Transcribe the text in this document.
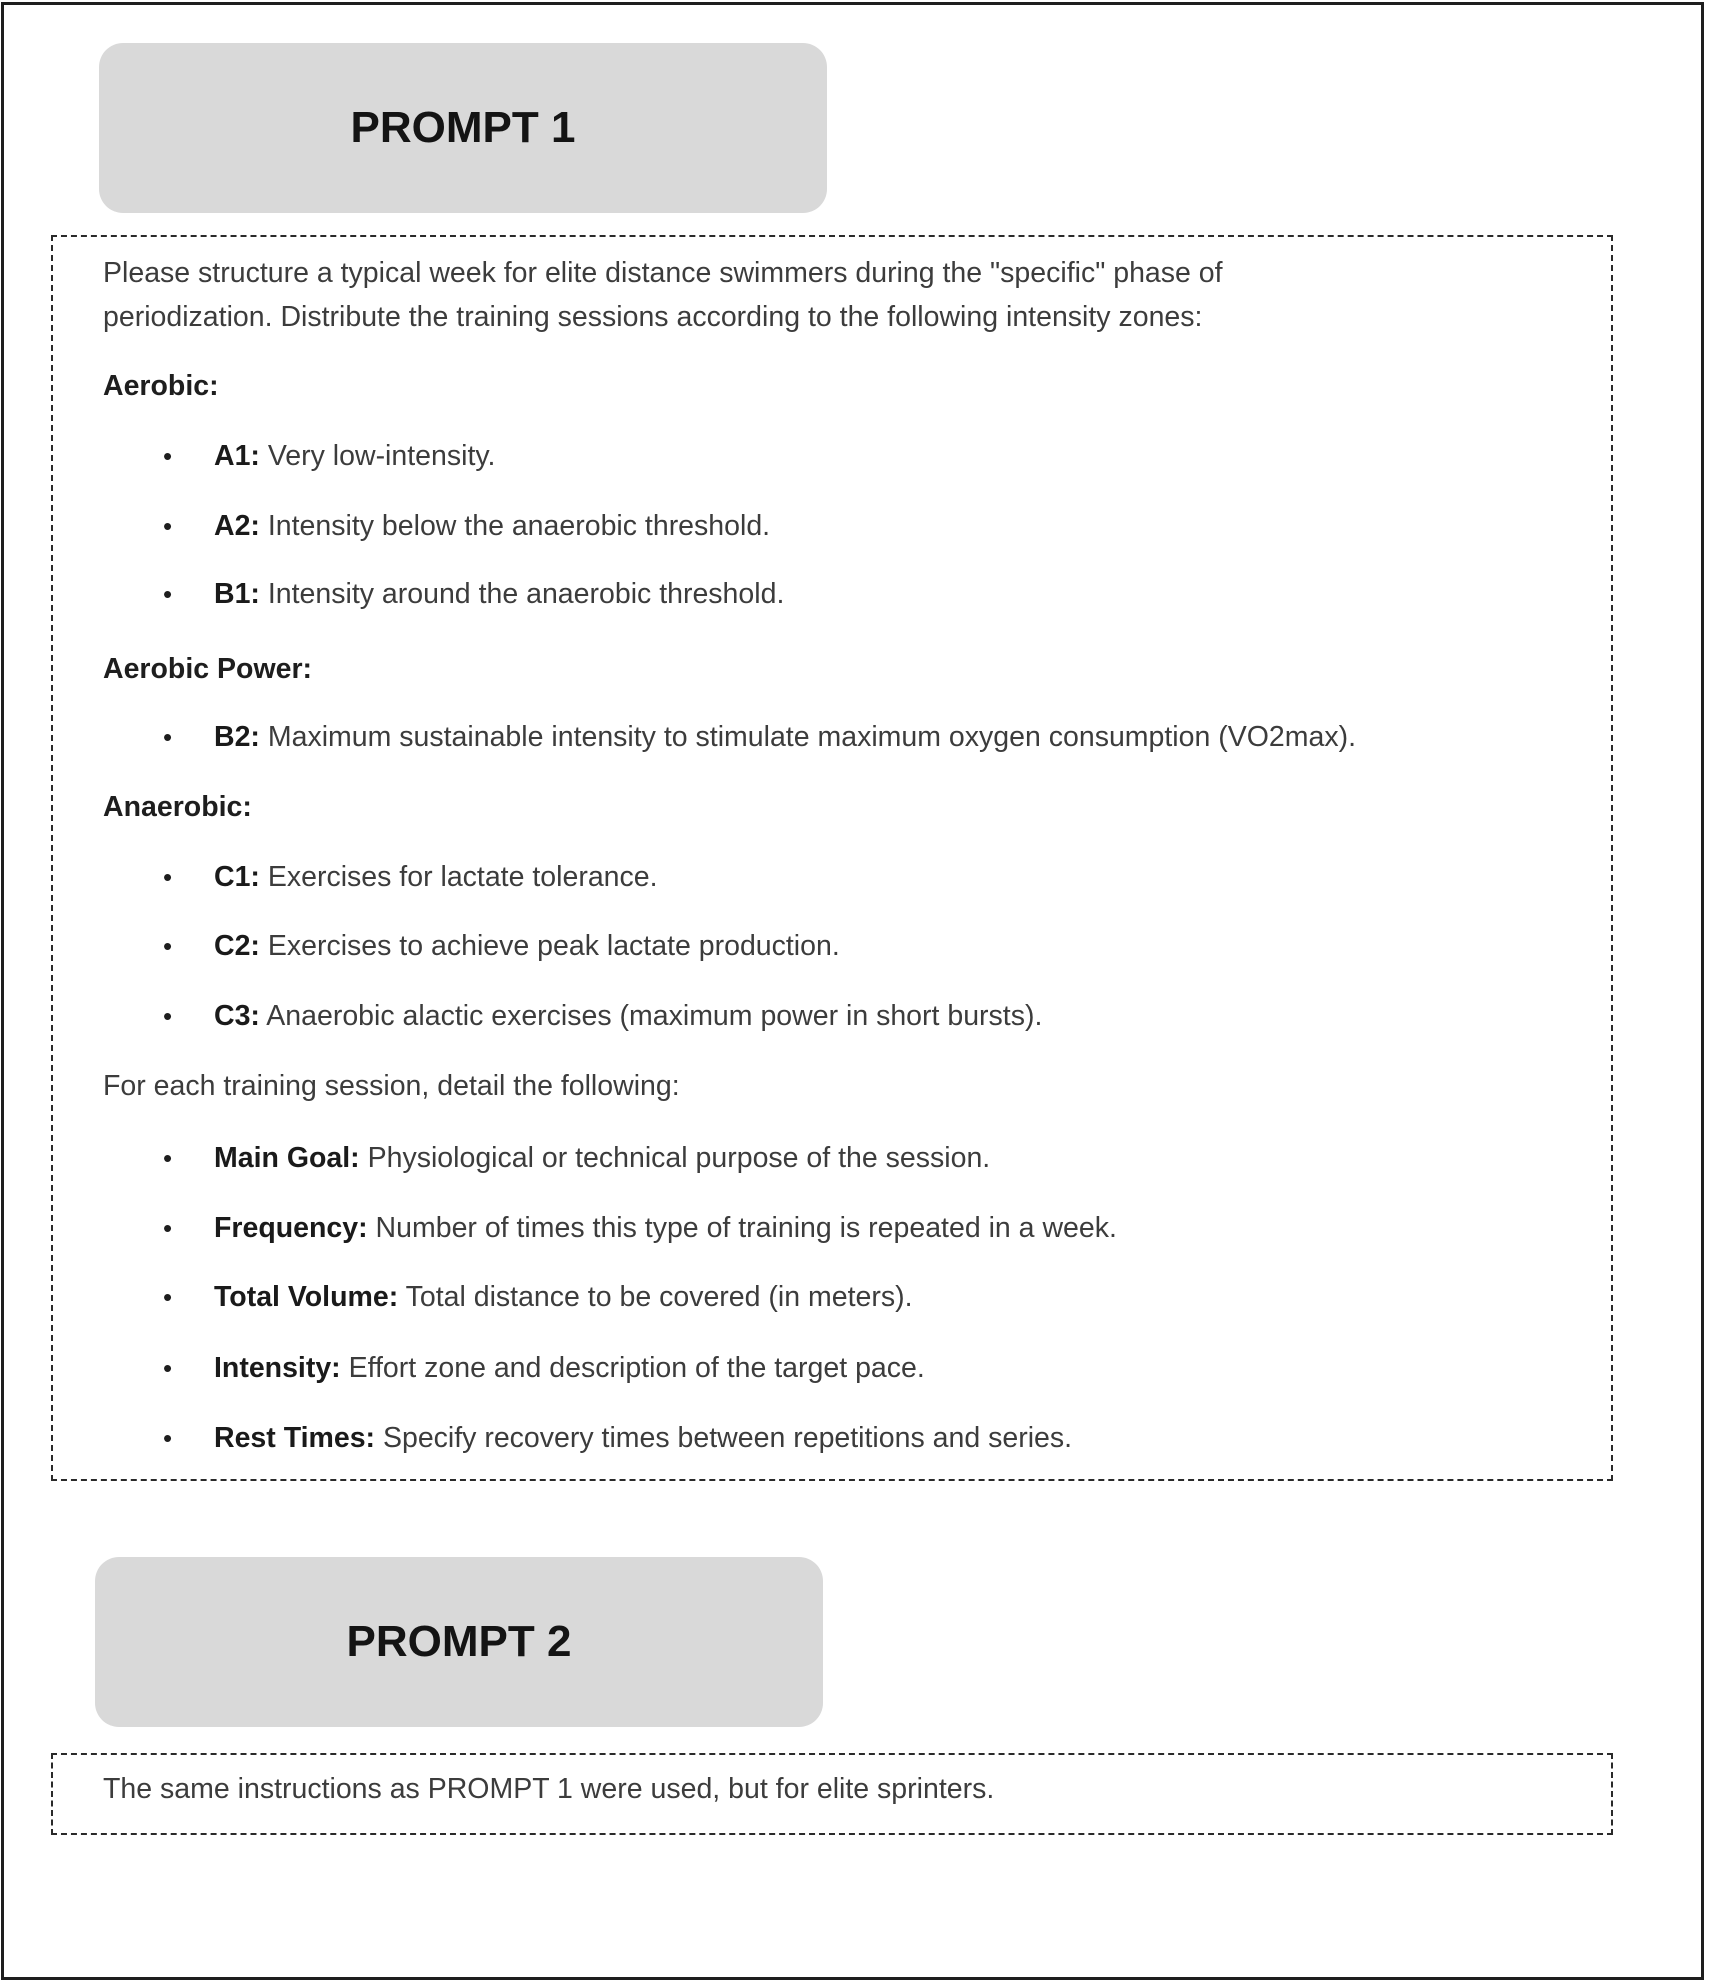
PROMPT 1
Please structure a typical week for elite distance swimmers during the "specific" phase of
periodization. Distribute the training sessions according to the following intensity zones:
Aerobic:
• A1: Very low-intensity.
• A2: Intensity below the anaerobic threshold.
• B1: Intensity around the anaerobic threshold.
Aerobic Power:
• B2: Maximum sustainable intensity to stimulate maximum oxygen consumption (VO2max).
Anaerobic:
• C1: Exercises for lactate tolerance.
• C2: Exercises to achieve peak lactate production.
• C3: Anaerobic alactic exercises (maximum power in short bursts).
For each training session, detail the following:
• Main Goal: Physiological or technical purpose of the session.
• Frequency: Number of times this type of training is repeated in a week.
• Total Volume: Total distance to be covered (in meters).
• Intensity: Effort zone and description of the target pace.
• Rest Times: Specify recovery times between repetitions and series.
PROMPT 2
The same instructions as PROMPT 1 were used, but for elite sprinters.
